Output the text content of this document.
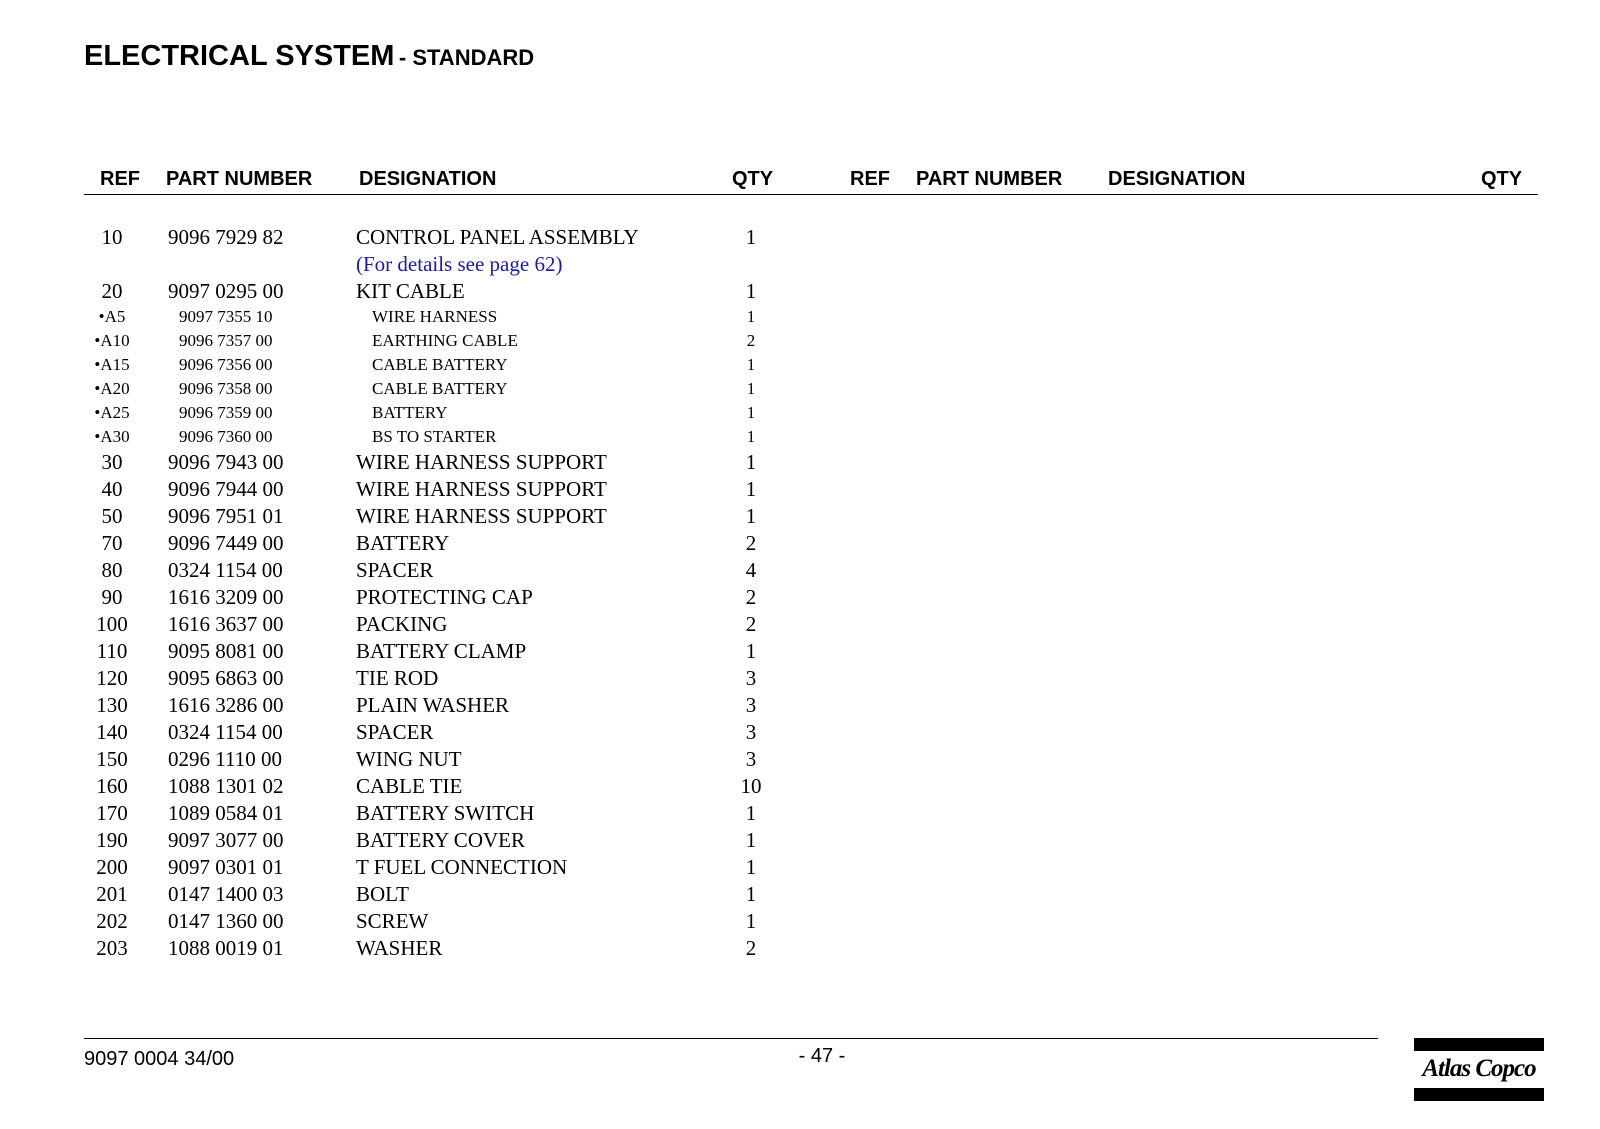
ELECTRICAL SYSTEM - STANDARD
REF PART NUMBER DESIGNATION	QTY	REF PART NUMBER DESIGNATION	QTY
10	9096 7929 82	CONTROL PANEL ASSEMBLY	1
(For details see page 62)
20	9097 0295 00	KIT CABLE	1
•A5	9097 7355 10	WIRE HARNESS	1
•A10	9096 7357 00	EARTHING CABLE	2
•A15	9096 7356 00	CABLE BATTERY	1
•A20	9096 7358 00	CABLE BATTERY	1
•A25	9096 7359 00	BATTERY	1
•A30	9096 7360 00	BS TO STARTER	1
30	9096 7943 00	WIRE HARNESS SUPPORT	1
40	9096 7944 00	WIRE HARNESS SUPPORT	1
50	9096 7951 01	WIRE HARNESS SUPPORT	1
70	9096 7449 00	BATTERY	2
80	0324 1154 00	SPACER	4
90	1616 3209 00	PROTECTING CAP	2
100	1616 3637 00	PACKING	2
110	9095 8081 00	BATTERY CLAMP	1
120	9095 6863 00	TIE ROD	3
130	1616 3286 00	PLAIN WASHER	3
140	0324 1154 00	SPACER	3
150	0296 1110 00	WING NUT	3
160	1088 1301 02	CABLE TIE	10
170	1089 0584 01	BATTERY SWITCH	1
190	9097 3077 00	BATTERY COVER	1
200	9097 0301 01	T FUEL CONNECTION	1
201	0147 1400 03	BOLT	1
202	0147 1360 00	SCREW	1
203	1088 0019 01	WASHER	2
9097 0004 34/00	- 47 -	Atlas Copco
